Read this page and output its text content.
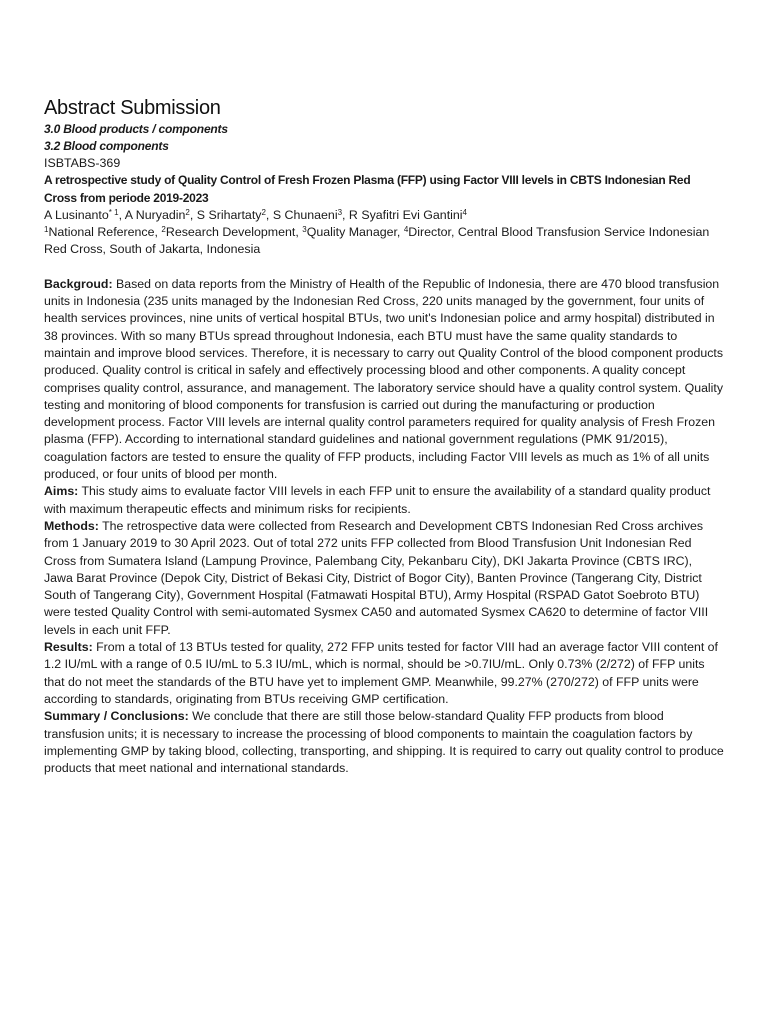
Abstract Submission
3.0 Blood products / components
3.2 Blood components
ISBTABS-369
A retrospective study of Quality Control of Fresh Frozen Plasma (FFP) using Factor VIII levels in CBTS Indonesian Red Cross from periode 2019-2023
A Lusinanto$^{* 1}$, A Nuryadin$^2$, S Srihartaty$^2$, S Chunaeni$^3$, R Syafitri Evi Gantini$^4$
$^1$National Reference, $^2$Research Development, $^3$Quality Manager, $^4$Director, Central Blood Transfusion Service Indonesian Red Cross, South of Jakarta, Indonesia
Backgroud: Based on data reports from the Ministry of Health of the Republic of Indonesia, there are 470 blood transfusion units in Indonesia (235 units managed by the Indonesian Red Cross, 220 units managed by the government, four units of health services provinces, nine units of vertical hospital BTUs, two unit's Indonesian police and army hospital) distributed in 38 provinces. With so many BTUs spread throughout Indonesia, each BTU must have the same quality standards to maintain and improve blood services. Therefore, it is necessary to carry out Quality Control of the blood component products produced. Quality control is critical in safely and effectively processing blood and other components. A quality concept comprises quality control, assurance, and management. The laboratory service should have a quality control system. Quality testing and monitoring of blood components for transfusion is carried out during the manufacturing or production development process. Factor VIII levels are internal quality control parameters required for quality analysis of Fresh Frozen plasma (FFP). According to international standard guidelines and national government regulations (PMK 91/2015), coagulation factors are tested to ensure the quality of FFP products, including Factor VIII levels as much as 1% of all units produced, or four units of blood per month.
Aims: This study aims to evaluate factor VIII levels in each FFP unit to ensure the availability of a standard quality product with maximum therapeutic effects and minimum risks for recipients.
Methods: The retrospective data were collected from Research and Development CBTS Indonesian Red Cross archives from 1 January 2019 to 30 April 2023. Out of total 272 units FFP collected from Blood Transfusion Unit Indonesian Red Cross from Sumatera Island (Lampung Province, Palembang City, Pekanbaru City), DKI Jakarta Province (CBTS IRC), Jawa Barat Province (Depok City, District of Bekasi City, District of Bogor City), Banten Province (Tangerang City, District South of Tangerang City), Government Hospital (Fatmawati Hospital BTU), Army Hospital (RSPAD Gatot Soebroto BTU) were tested Quality Control with semi-automated Sysmex CA50 and automated Sysmex CA620 to determine of factor VIII levels in each unit FFP.
Results: From a total of 13 BTUs tested for quality, 272 FFP units tested for factor VIII had an average factor VIII content of 1.2 IU/mL with a range of 0.5 IU/mL to 5.3 IU/mL, which is normal, should be >0.7IU/mL. Only 0.73% (2/272) of FFP units that do not meet the standards of the BTU have yet to implement GMP. Meanwhile, 99.27% (270/272) of FFP units were according to standards, originating from BTUs receiving GMP certification.
Summary / Conclusions: We conclude that there are still those below-standard Quality FFP products from blood transfusion units; it is necessary to increase the processing of blood components to maintain the coagulation factors by implementing GMP by taking blood, collecting, transporting, and shipping. It is required to carry out quality control to produce products that meet national and international standards.
